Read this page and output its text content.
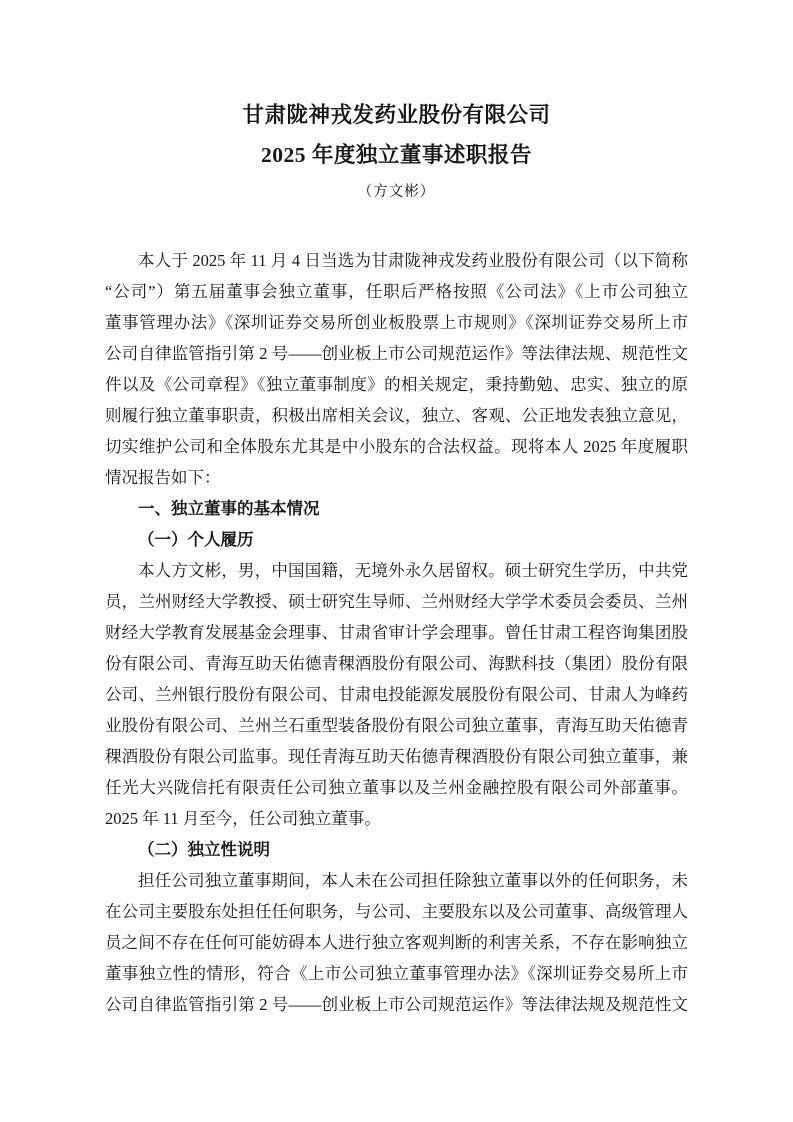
甘肃陇神戎发药业股份有限公司
2025 年度独立董事述职报告
（方文彬）
本人于 2025 年 11 月 4 日当选为甘肃陇神戎发药业股份有限公司（以下简称
“公司”）第五届董事会独立董事，任职后严格按照《公司法》《上市公司独立
董事管理办法》《深圳证券交易所创业板股票上市规则》《深圳证券交易所上市
公司自律监管指引第 2 号——创业板上市公司规范运作》等法律法规、规范性文
件以及《公司章程》《独立董事制度》的相关规定，秉持勤勉、忠实、独立的原
则履行独立董事职责，积极出席相关会议，独立、客观、公正地发表独立意见，
切实维护公司和全体股东尤其是中小股东的合法权益。现将本人 2025 年度履职
情况报告如下：
一、独立董事的基本情况
（一）个人履历
本人方文彬，男，中国国籍，无境外永久居留权。硕士研究生学历，中共党
员，兰州财经大学教授、硕士研究生导师、兰州财经大学学术委员会委员、兰州
财经大学教育发展基金会理事、甘肃省审计学会理事。曾任甘肃工程咨询集团股
份有限公司、青海互助天佑德青稞酒股份有限公司、海默科技（集团）股份有限
公司、兰州银行股份有限公司、甘肃电投能源发展股份有限公司、甘肃人为峰药
业股份有限公司、兰州兰石重型装备股份有限公司独立董事，青海互助天佑德青
稞酒股份有限公司监事。现任青海互助天佑德青稞酒股份有限公司独立董事，兼
任光大兴陇信托有限责任公司独立董事以及兰州金融控股有限公司外部董事。
2025 年 11 月至今，任公司独立董事。
（二）独立性说明
担任公司独立董事期间，本人未在公司担任除独立董事以外的任何职务，未
在公司主要股东处担任任何职务，与公司、主要股东以及公司董事、高级管理人
员之间不存在任何可能妨碍本人进行独立客观判断的利害关系，不存在影响独立
董事独立性的情形，符合《上市公司独立董事管理办法》《深圳证券交易所上市
公司自律监管指引第 2 号——创业板上市公司规范运作》等法律法规及规范性文
